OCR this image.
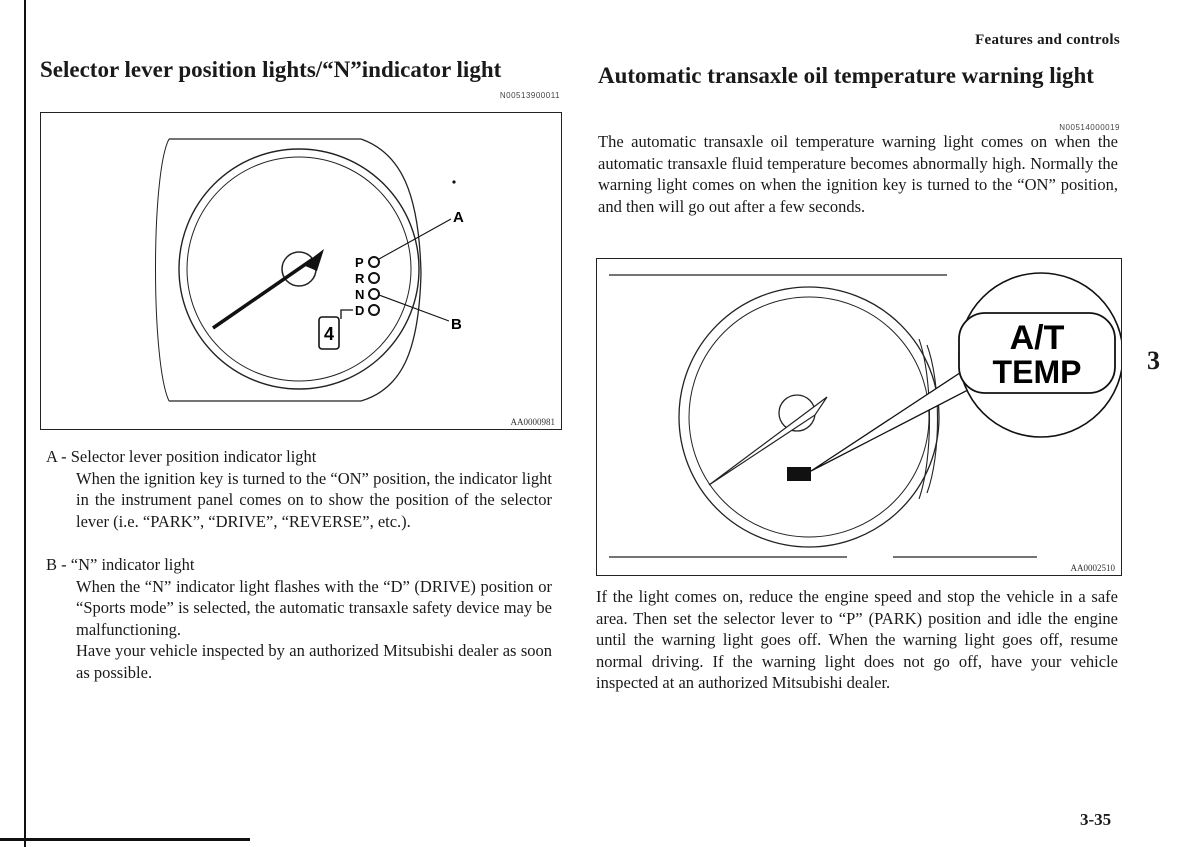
Features and controls
3
3-35
Selector lever position lights/“N”indicator light
N00513900011
P
R
N
D
4
A
B
AA0000981
A - Selector lever position indicator light
When the ignition key is turned to the “ON” position, the indicator light in the instrument panel comes on to show the position of the selector lever (i.e. “PARK”, “DRIVE”, “REVERSE”, etc.).
B - “N” indicator light
When the “N” indicator light flashes with the “D” (DRIVE) position or “Sports mode” is selected, the automatic transaxle safety device may be malfunctioning.
Have your vehicle inspected by an authorized Mitsubishi dealer as soon as possible.
Automatic transaxle oil temperature warning light
N00514000019
The automatic transaxle oil temperature warning light comes on when the automatic transaxle fluid temperature becomes abnormally high. Normally the warning light comes on when the ignition key is turned to the “ON” position, and then will go out after a few seconds.
A/T
TEMP
AA0002510
If the light comes on, reduce the engine speed and stop the vehicle in a safe area. Then set the selector lever to “P” (PARK) position and idle the engine until the warning light goes off. When the warning light goes off, resume normal driving. If the warning light does not go off, have your vehicle inspected at an authorized Mitsubishi dealer.
